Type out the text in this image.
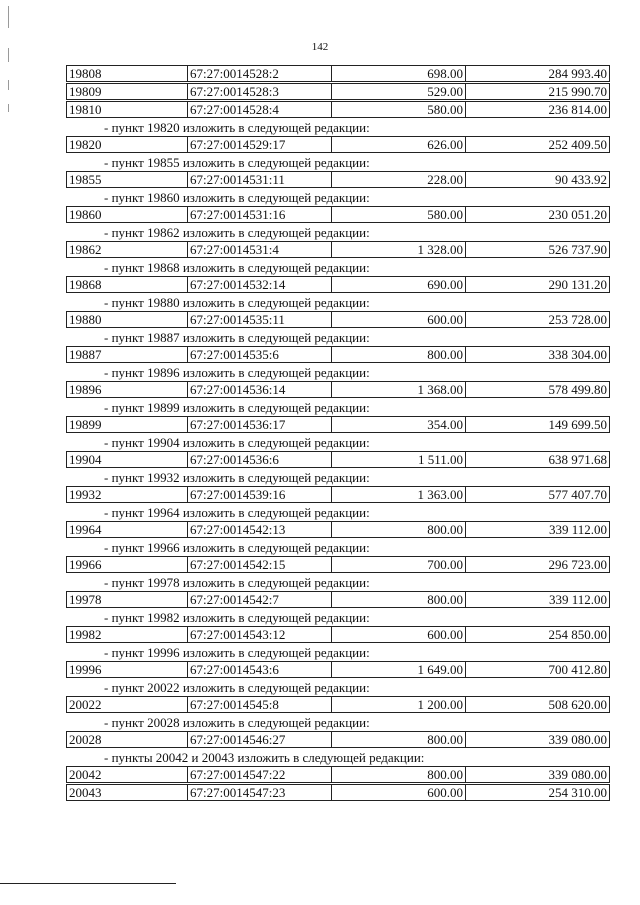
142
19808	67:27:0014528:2	698.00	284 993.40
19809	67:27:0014528:3	529.00	215 990.70
19810	67:27:0014528:4	580.00	236 814.00
- пункт 19820 изложить в следующей редакции:
19820	67:27:0014529:17	626.00	252 409.50
- пункт 19855 изложить в следующей редакции:
19855	67:27:0014531:11	228.00	90 433.92
- пункт 19860 изложить в следующей редакции:
19860	67:27:0014531:16	580.00	230 051.20
- пункт 19862 изложить в следующей редакции:
19862	67:27:0014531:4	1 328.00	526 737.90
- пункт 19868 изложить в следующей редакции:
19868	67:27:0014532:14	690.00	290 131.20
- пункт 19880 изложить в следующей редакции:
19880	67:27:0014535:11	600.00	253 728.00
- пункт 19887 изложить в следующей редакции:
19887	67:27:0014535:6	800.00	338 304.00
- пункт 19896 изложить в следующей редакции:
19896	67:27:0014536:14	1 368.00	578 499.80
- пункт 19899 изложить в следующей редакции:
19899	67:27:0014536:17	354.00	149 699.50
- пункт 19904 изложить в следующей редакции:
19904	67:27:0014536:6	1 511.00	638 971.68
- пункт 19932 изложить в следующей редакции:
19932	67:27:0014539:16	1 363.00	577 407.70
- пункт 19964 изложить в следующей редакции:
19964	67:27:0014542:13	800.00	339 112.00
- пункт 19966 изложить в следующей редакции:
19966	67:27:0014542:15	700.00	296 723.00
- пункт 19978 изложить в следующей редакции:
19978	67:27:0014542:7	800.00	339 112.00
- пункт 19982 изложить в следующей редакции:
19982	67:27:0014543:12	600.00	254 850.00
- пункт 19996 изложить в следующей редакции:
19996	67:27:0014543:6	1 649.00	700 412.80
- пункт 20022 изложить в следующей редакции:
20022	67:27:0014545:8	1 200.00	508 620.00
- пункт 20028 изложить в следующей редакции:
20028	67:27:0014546:27	800.00	339 080.00
- пункты 20042 и 20043 изложить в следующей редакции:
20042	67:27:0014547:22	800.00	339 080.00
20043	67:27:0014547:23	600.00	254 310.00
